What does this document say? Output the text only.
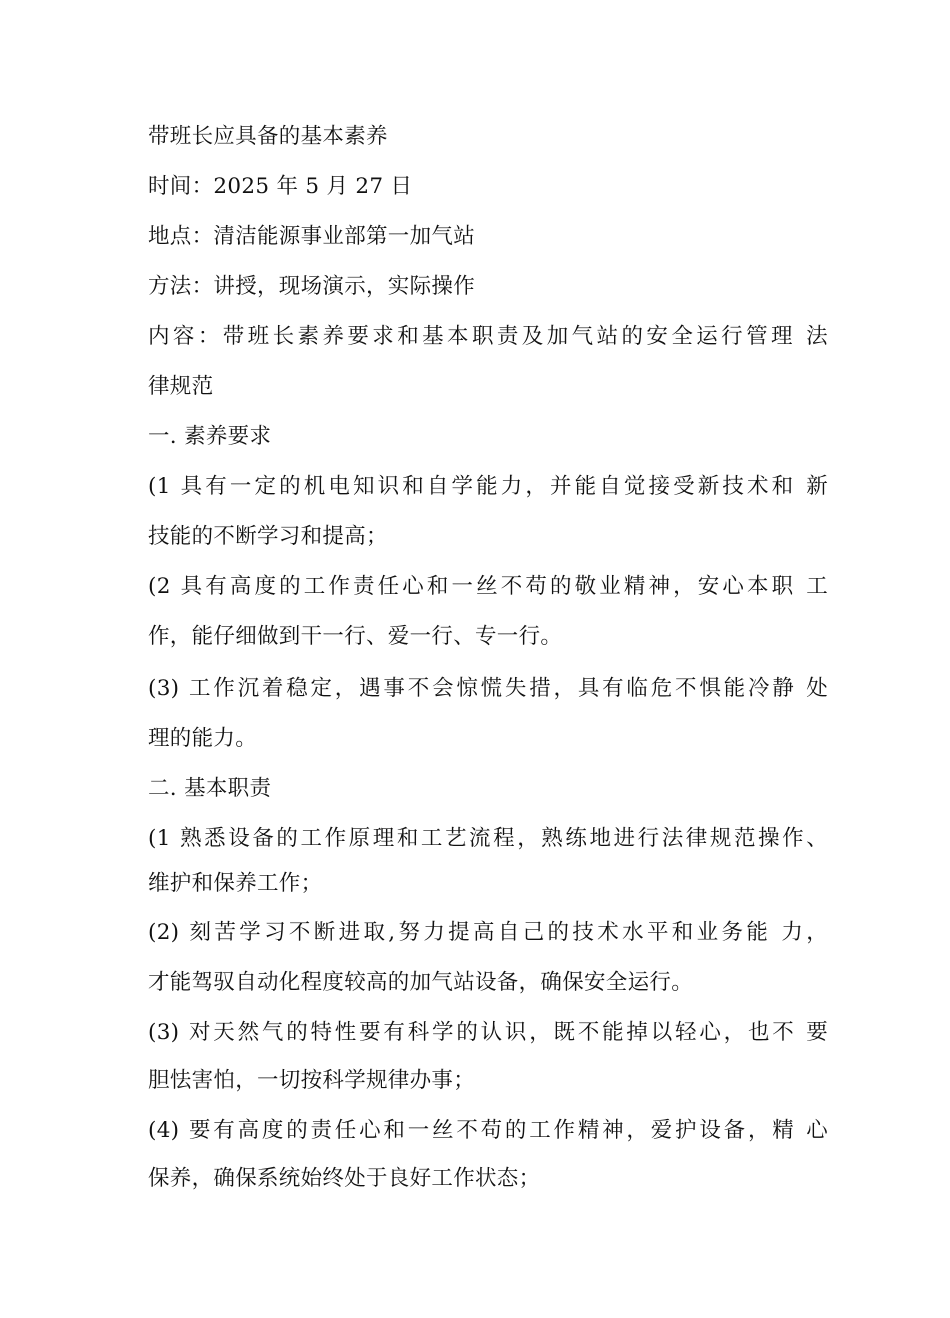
带班长应具备的基本素养
时间：2025 年 5 月 27 日
地点：清洁能源事业部第一加气站
方法：讲授，现场演示，实际操作
内容：带班长素养要求和基本职责及加气站的安全运行管理 法
律规范
一. 素养要求
(1 具有一定的机电知识和自学能力，并能自觉接受新技术和 新
技能的不断学习和提高；
(2 具有高度的工作责任心和一丝不苟的敬业精神，安心本职 工
作，能仔细做到干一行、爱一行、专一行。
(3) 工作沉着稳定，遇事不会惊慌失措，具有临危不惧能冷静 处
理的能力。
二. 基本职责
(1 熟悉设备的工作原理和工艺流程，熟练地进行法律规范操作、
维护和保养工作；
(2) 刻苦学习不断进取,努力提高自己的技术水平和业务能 力，
才能驾驭自动化程度较高的加气站设备，确保安全运行。
(3) 对天然气的特性要有科学的认识，既不能掉以轻心，也不 要
胆怯害怕，一切按科学规律办事；
(4) 要有高度的责任心和一丝不苟的工作精神，爱护设备，精 心
保养，确保系统始终处于良好工作状态；
